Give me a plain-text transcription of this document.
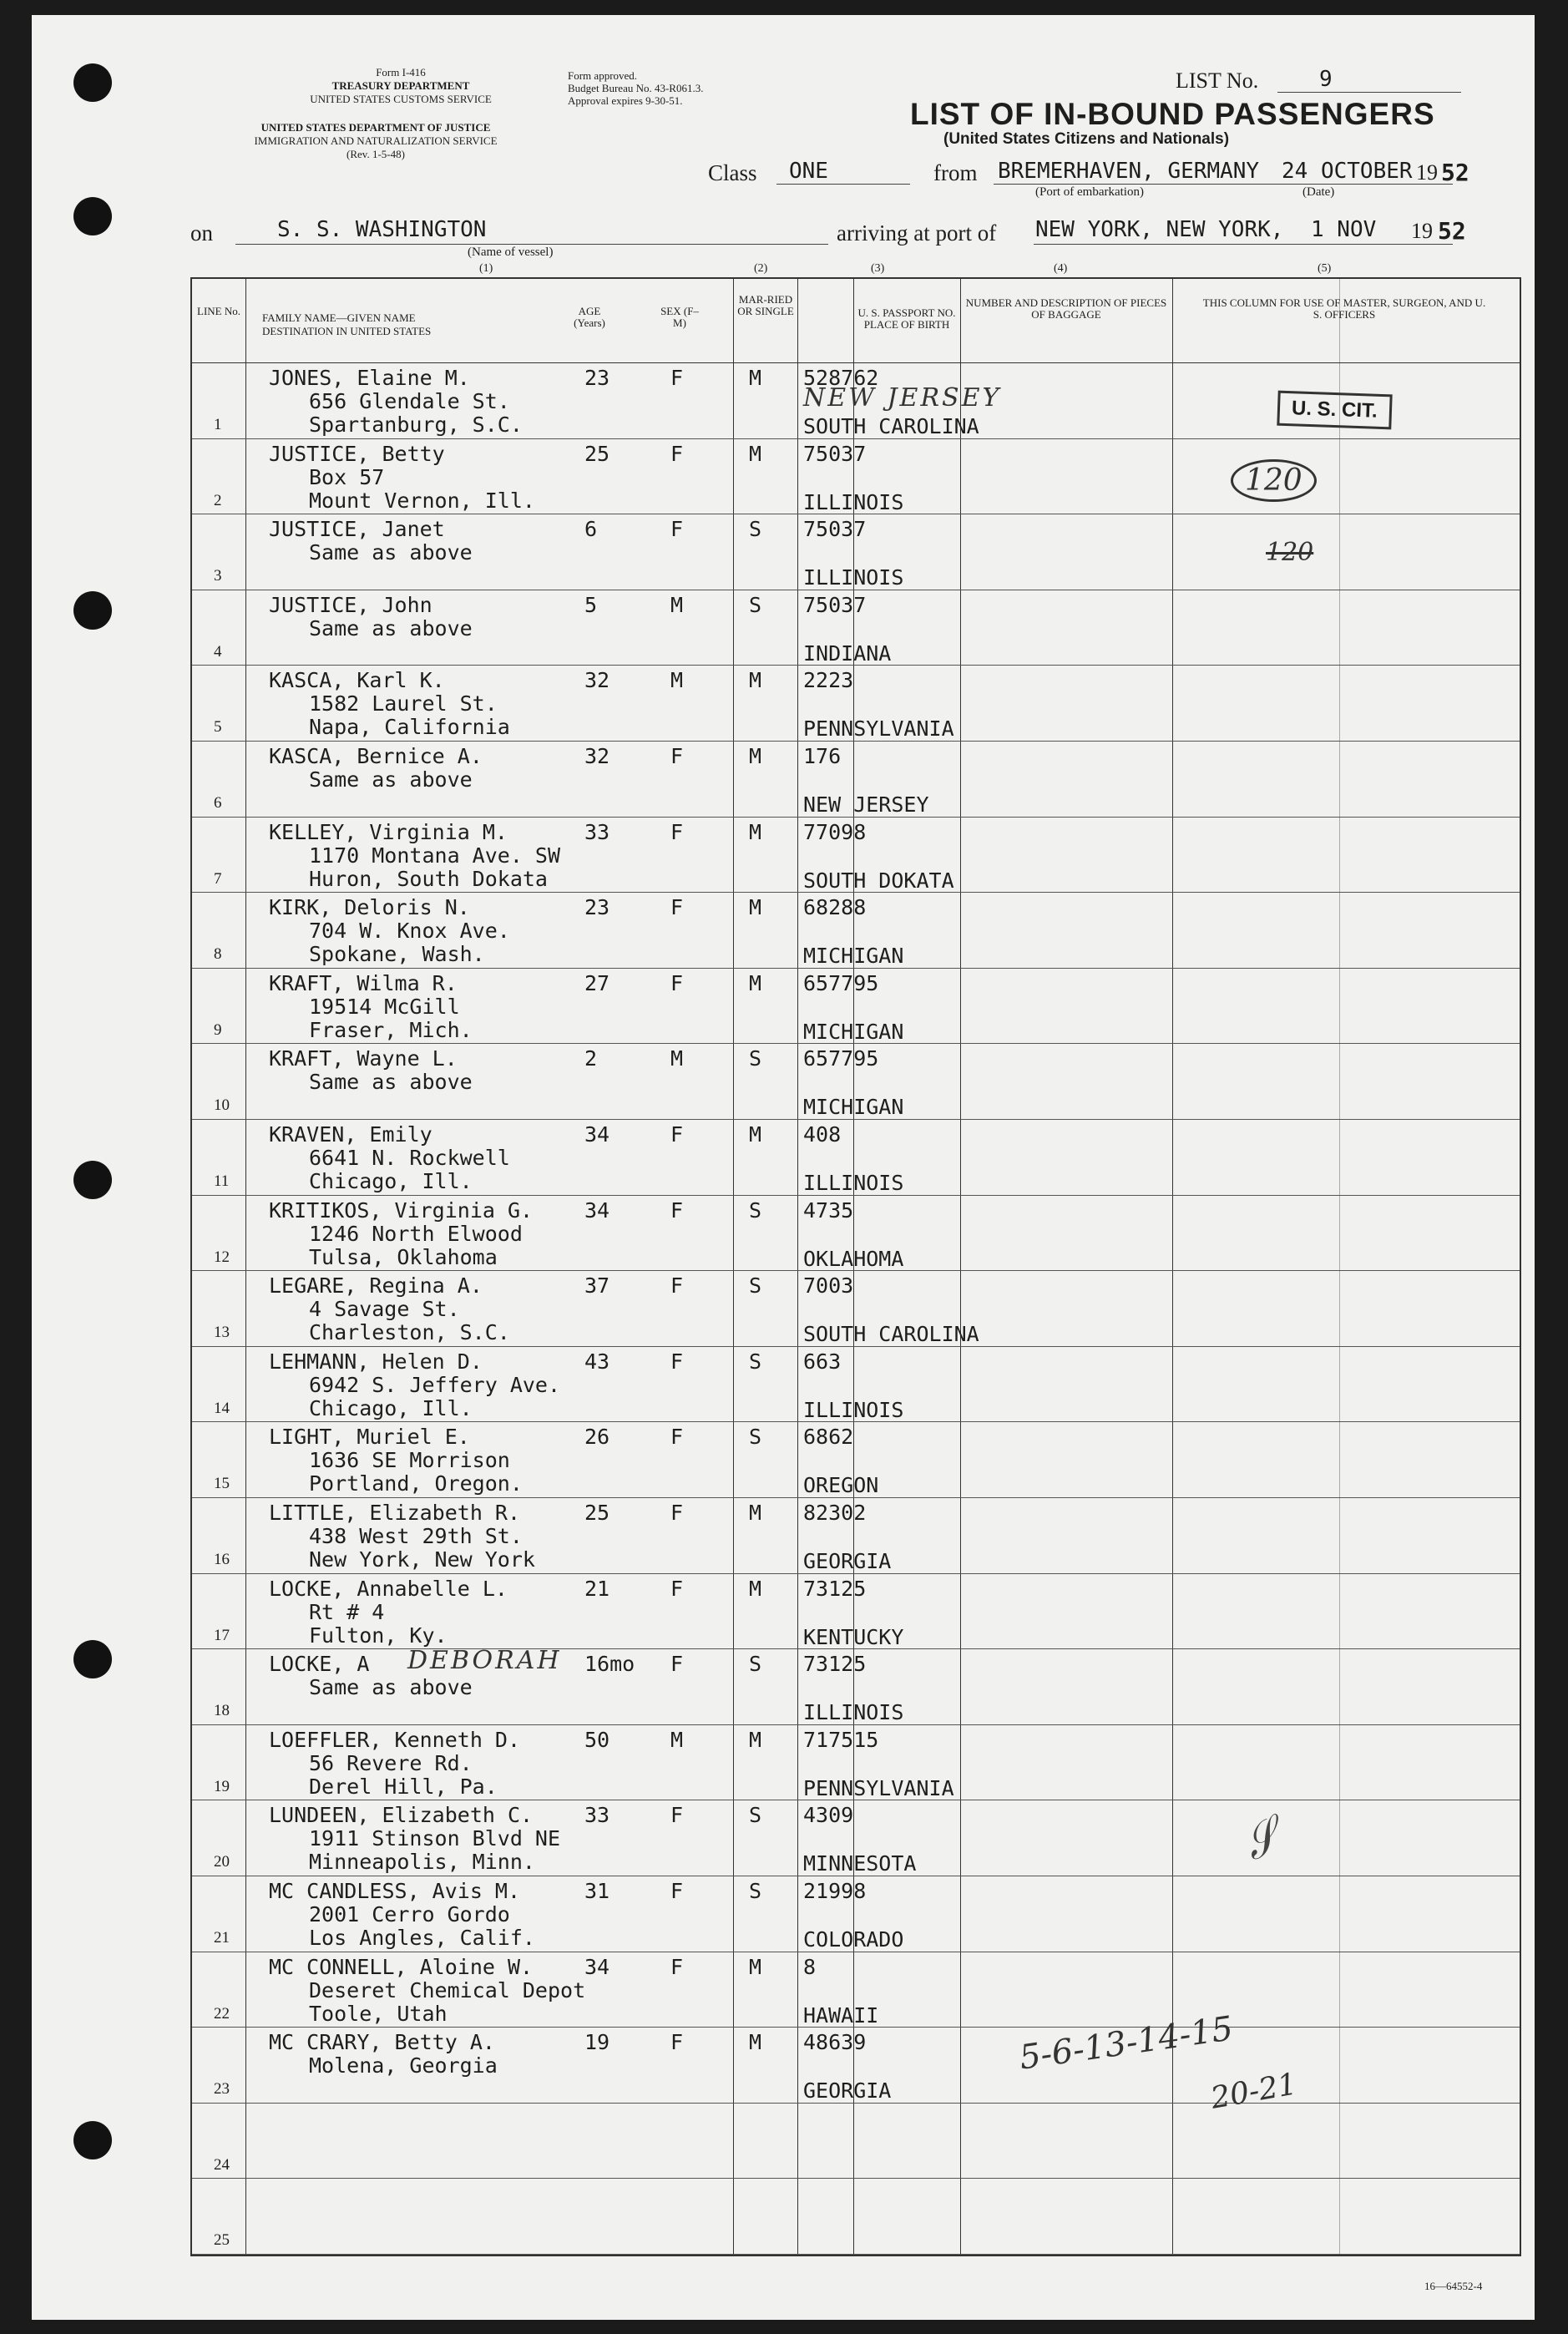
Form I-416
TREASURY DEPARTMENT
UNITED STATES CUSTOMS SERVICE
UNITED STATES DEPARTMENT OF JUSTICE
IMMIGRATION AND NATURALIZATION SERVICE
(Rev. 1-5-48)
Form approved.
Budget Bureau No. 43-R061.3.
Approval expires 9-30-51.
LIST No.	9
LIST OF IN-BOUND PASSENGERS
(United States Citizens and Nationals)
Class ONE	from BREMERHAVEN, GERMANY 24 OCTOBER 19 52
(Port of embarkation)	(Date)
on	S. S. WASHINGTON
(Name of vessel)
arriving at port of NEW YORK, NEW YORK, 1 NOV 19 52
(1)	(2)	(3)	(4)	(5)
LINE No.
FAMILY NAME—GIVEN NAME
DESTINATION IN UNITED STATES
AGE (Years)
SEX (F–M)
MAR-RIED OR SINGLE	U. S. PASSPORT NO. PLACE OF BIRTH
NUMBER AND DESCRIPTION OF PIECES OF BAGGAGE
THIS COLUMN FOR USE OF MASTER, SURGEON, AND U. S. OFFICERS
1
JONES, Elaine M.
656 Glendale St.
Spartanburg, S.C.
23	F	M 528762
SOUTH CAROLINA
NEW JERSEY
2
JUSTICE, Betty
Box 57
Mount Vernon, Ill.
25	F	M 75037
ILLINOIS
3
JUSTICE, Janet
Same as above
6	F	S 75037
ILLINOIS
4
JUSTICE, John
Same as above
5	M	S 75037
INDIANA
5
KASCA, Karl K.
1582 Laurel St.
Napa, California
32	M	M 2223
PENNSYLVANIA
6
KASCA, Bernice A.
Same as above
32	F	M 176
NEW JERSEY
7
KELLEY, Virginia M.
1170 Montana Ave. SW
Huron, South Dokata
33	F	M 77098
SOUTH DOKATA
8
KIRK, Deloris N.
704 W. Knox Ave.
Spokane, Wash.
23	F	M 68288
MICHIGAN
9
KRAFT, Wilma R.
19514 McGill
Fraser, Mich.
27	F	M 657795
MICHIGAN
10
KRAFT, Wayne L.
Same as above
2	M	S 657795
MICHIGAN
11
KRAVEN, Emily
6641 N. Rockwell
Chicago, Ill.
34	F	M 408
ILLINOIS
12
KRITIKOS, Virginia G.
1246 North Elwood
Tulsa, Oklahoma
34	F	S 4735
OKLAHOMA
13
LEGARE, Regina A.
4 Savage St.
Charleston, S.C.
37	F	S 7003
SOUTH CAROLINA
14
LEHMANN, Helen D.
6942 S. Jeffery Ave.
Chicago, Ill.
43	F	S 663
ILLINOIS
15
LIGHT, Muriel E.
1636 SE Morrison
Portland, Oregon.
26	F	S 6862
OREGON
16
LITTLE, Elizabeth R.
438 West 29th St.
New York, New York
25	F	M 82302
GEORGIA
17
LOCKE, Annabelle L.
Rt # 4
Fulton, Ky.
21	F	M 73125
KENTUCKY
18
LOCKE, A
Same as above
16mo F	S 73125
ILLINOIS
DEBORAH
19
LOEFFLER, Kenneth D.
56 Revere Rd.
Derel Hill, Pa.
50	M	M 717515
PENNSYLVANIA
20
LUNDEEN, Elizabeth C.
1911 Stinson Blvd NE
Minneapolis, Minn.
33	F	S 4309
MINNESOTA
21
MC CANDLESS, Avis M.
2001 Cerro Gordo
Los Angles, Calif.
31	F	S 21998
COLORADO
22
MC CONNELL, Aloine W.
Deseret Chemical Depot
Toole, Utah
34	F	M 8
HAWAII
23
MC CRARY, Betty A.
Molena, Georgia
19	F	M 48639
GEORGIA
24
25
U. S. CIT.
120
120
5-6-13-14-15
20-21
𝒮
16—64552-4
